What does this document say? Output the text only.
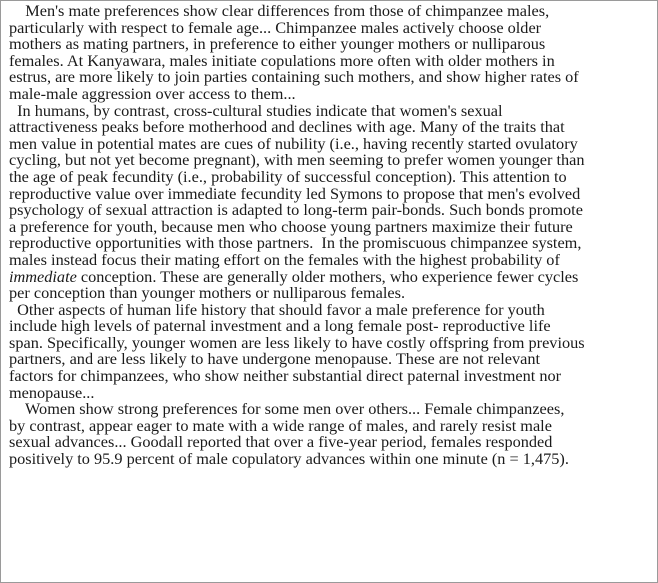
Men's mate preferences show clear differences from those of chimpanzee males,
particularly with respect to female age... Chimpanzee males actively choose older
mothers as mating partners, in preference to either younger mothers or nulliparous
females. At Kanyawara, males initiate copulations more often with older mothers in
estrus, are more likely to join parties containing such mothers, and show higher rates of
male-male aggression over access to them...
In humans, by contrast, cross-cultural studies indicate that women's sexual
attractiveness peaks before motherhood and declines with age. Many of the traits that
men value in potential mates are cues of nubility (i.e., having recently started ovulatory
cycling, but not yet become pregnant), with men seeming to prefer women younger than
the age of peak fecundity (i.e., probability of successful conception). This attention to
reproductive value over immediate fecundity led Symons to propose that men's evolved
psychology of sexual attraction is adapted to long-term pair-bonds. Such bonds promote
a preference for youth, because men who choose young partners maximize their future
reproductive opportunities with those partners.  In the promiscuous chimpanzee system,
males instead focus their mating effort on the females with the highest probability of
immediate conception. These are generally older mothers, who experience fewer cycles
per conception than younger mothers or nulliparous females.
Other aspects of human life history that should favor a male preference for youth
include high levels of paternal investment and a long female post- reproductive life
span. Specifically, younger women are less likely to have costly offspring from previous
partners, and are less likely to have undergone menopause. These are not relevant
factors for chimpanzees, who show neither substantial direct paternal investment nor
menopause...
Women show strong preferences for some men over others... Female chimpanzees,
by contrast, appear eager to mate with a wide range of males, and rarely resist male
sexual advances... Goodall reported that over a five-year period, females responded
positively to 95.9 percent of male copulatory advances within one minute (n = 1,475).
